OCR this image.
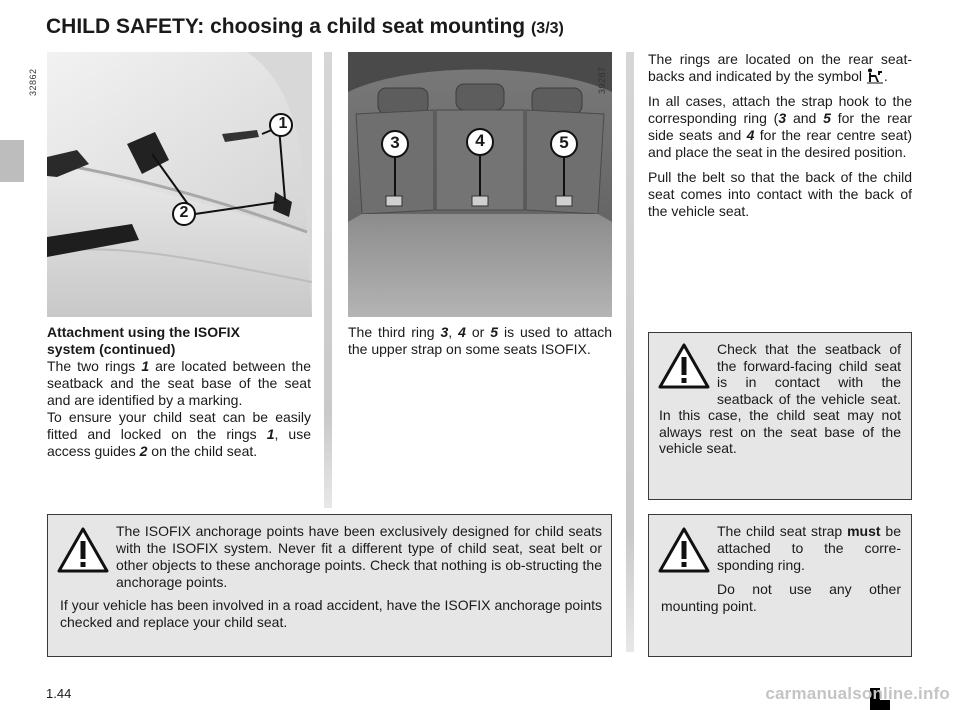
CHILD SAFETY: choosing a child seat mounting (3/3)
1
2
32862
3	4	5
39287
Attachment using the ISOFIX
system (continued)
The two rings 1 are located between the seatback and the seat base of the seat and are identified by a marking.
To ensure your child seat can be easily fitted and locked on the rings 1, use access guides 2 on the child seat.
The third ring 3, 4 or 5 is used to attach the upper strap on some seats ISOFIX.
The rings are located on the rear seat-backs and indicated by the symbol .
In all cases, attach the strap hook to the corresponding ring (3 and 5 for the rear side seats and 4 for the rear centre seat) and place the seat in the desired position.
Pull the belt so that the back of the child seat comes into contact with the back of the vehicle seat.
Check that the seatback of the forward-facing child seat is in contact with the seatback of the vehicle seat. In this case, the child seat may not always rest on the seat base of the vehicle seat.
The ISOFIX anchorage points have been exclusively designed for child seats with the ISOFIX system. Never fit a different type of child seat, seat belt or other objects to these anchorage points. Check that nothing is ob-structing the anchorage points.
If your vehicle has been involved in a road accident, have the ISOFIX anchorage points checked and replace your child seat.
The child seat strap must be attached to the corre-sponding ring.
Do not use any other mounting point.
1.44	carmanualsonline.info
